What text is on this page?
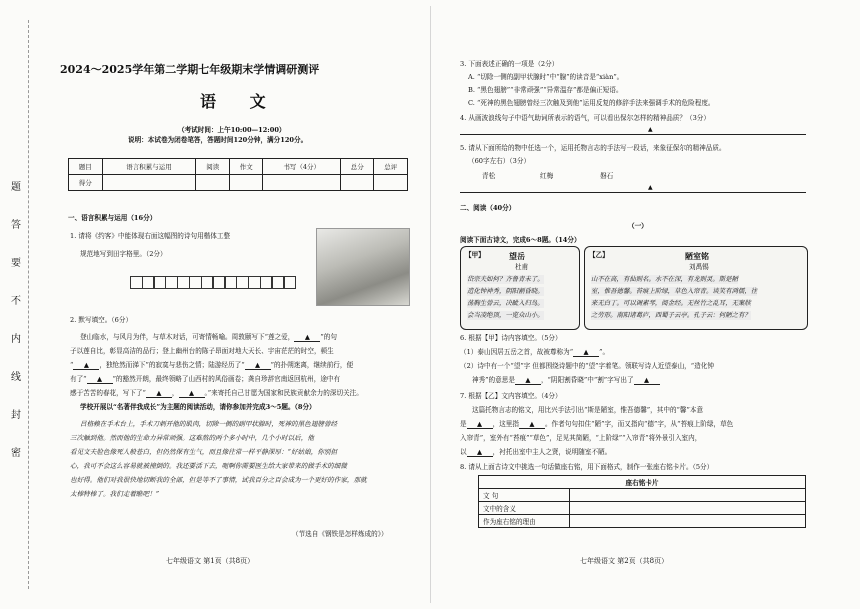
题
答
要
不
内
线
封
密
2024～2025学年第二学期七年级期末学情调研测评
语 文
（考试时间：上午10:00—12:00）
说明：本试卷为闭卷笔答，答题时间120分钟，满分120分。
题目	语言积累与运用	阅读	作文	书写（4分）	总分	总评
得分						
一、语言积累与运用（16分）
1. 请将《约客》中能体现右面这幅图的诗句用楷体工整
规范地写到田字格里。（2分）
2. 默写填空。（6分）
登山临水，与风月为伴，与草木对话，可寄情畅喻。周敦颐写下“莲之爱， ▲ ”的句
子以莲自比，彰显高洁的品行；登上幽州台的陈子昂面对地大天长、宇宙茫茫的时空，顿生
“ ▲ ，独怆然而涕下”的寂寞与悲伤之情；陆游经历了“ ▲ ”的扑朔迷离，继续前行，便
有了“ ▲ ”的豁然开朗，最终领略了山西村的风俗画卷；龚自珍辞官南返回杭州，途中有
感于苦苦的春花，写下了“ ▲ ， ▲ 。”来寄托自己甘愿为国家和民族贡献余力的深切关注。
学校开展以“名著伴我成长”为主题的阅读活动，请你参加并完成3～5题。（8分）
吕格赖在手术台上，手术刀刺开他的肌肉，切除一侧的副甲状腺时，死神的黑色翅膀曾经
三次触到他。然而他的生命力异常顽强。这难熬的两个多小时中，几个小时以后，他
看见文夫脸色像死人般苍白，但仍然保有生气，而且像往常一样平静深厚：“好姑娘，你别担
心，我可不会这么容易就被撞倒的。我还要活下去，呃啊你需要医生给大家带来的做手术的细微
也好得。他们对我很快地切断我的全部，但是等不了事情，试我百分之百会成为一个更好的作家，那就
太棒特棒了。我们走着瞧吧！”
（节选自《钢铁是怎样炼成的》）
七年级语文 第1页（共8页）
3. 下面表述正确的一项是（2分）
A. “切除一侧的副甲状腺时”中“腺”的读音是“xiàn”。
B. “黑色翅膀”“非常顽强”“异常温存”都是偏正短语。
C. “死神的黑色翅膀曾经三次触及到他”运用反复的修辞手法来强调手术的危险程度。
4. 从画波浪线句子中语气助词所表示的语气，可以看出保尔怎样的精神品质？（3分）
▲
5. 请从下面所给的物中任选一个，运用托物言志的手法写一段话，来象征保尔的精神品质。
（60字左右）（3分）
青松	红梅	磐石
▲
二、阅读（40分）
（一）
阅读下面古诗文，完成6～8题。（14分）
【甲】	望岳
杜甫
岱宗夫如何？齐鲁青未了。
造化钟神秀，阴阳割昏晓。
荡胸生曾云，决眦入归鸟。
会当凌绝顶，一览众山小。
【乙】	陋室铭
刘禹锡
山不在高，有仙则名。水不在深，有龙则灵。斯是陋
室，惟吾德馨。苔痕上阶绿，草色入帘青。谈笑有鸿儒，往
来无白丁。可以调素琴，阅金经。无丝竹之乱耳，无案牍
之劳形。南阳诸葛庐，西蜀子云亭。孔子云：何陋之有？
6. 根据【甲】诗内容填空。（5分）
（1）泰山因居五岳之首，故被尊称为“ ▲ ”。
（2）诗中有一个“望”字 但都围绕诗题中的“望”字着笔。领联写诗人近望泰山，“造化钟
神秀”的意思是 ▲ ，“阴阳割昏晓”中“割”字写出了 ▲
7. 根据【乙】文内容填空。（4分）
这篇托物言志的铭文，用比兴手法引出“斯是陋室，惟吾德馨”，其中的“馨”本意
是 ▲ ，这里指 ▲ 。作者句句扣住“陋”字，而又指向“德”字，从“苔痕上阶绿，草色
入帘青”，室外有“苔痕”“草色”，足见其简陋，“上阶绿”“入帘青”将外景引入室内，
以 ▲ ，衬托出室中主人之贤，说明随室不陋。
8. 请从上面古诗文中挑选一句话做座右铭，用下面格式，制作一张座右铭卡片。（5分）
座右铭卡片	
文 句	
文中的含义	
作为座右铭的理由	
七年级语文 第2页（共8页）
